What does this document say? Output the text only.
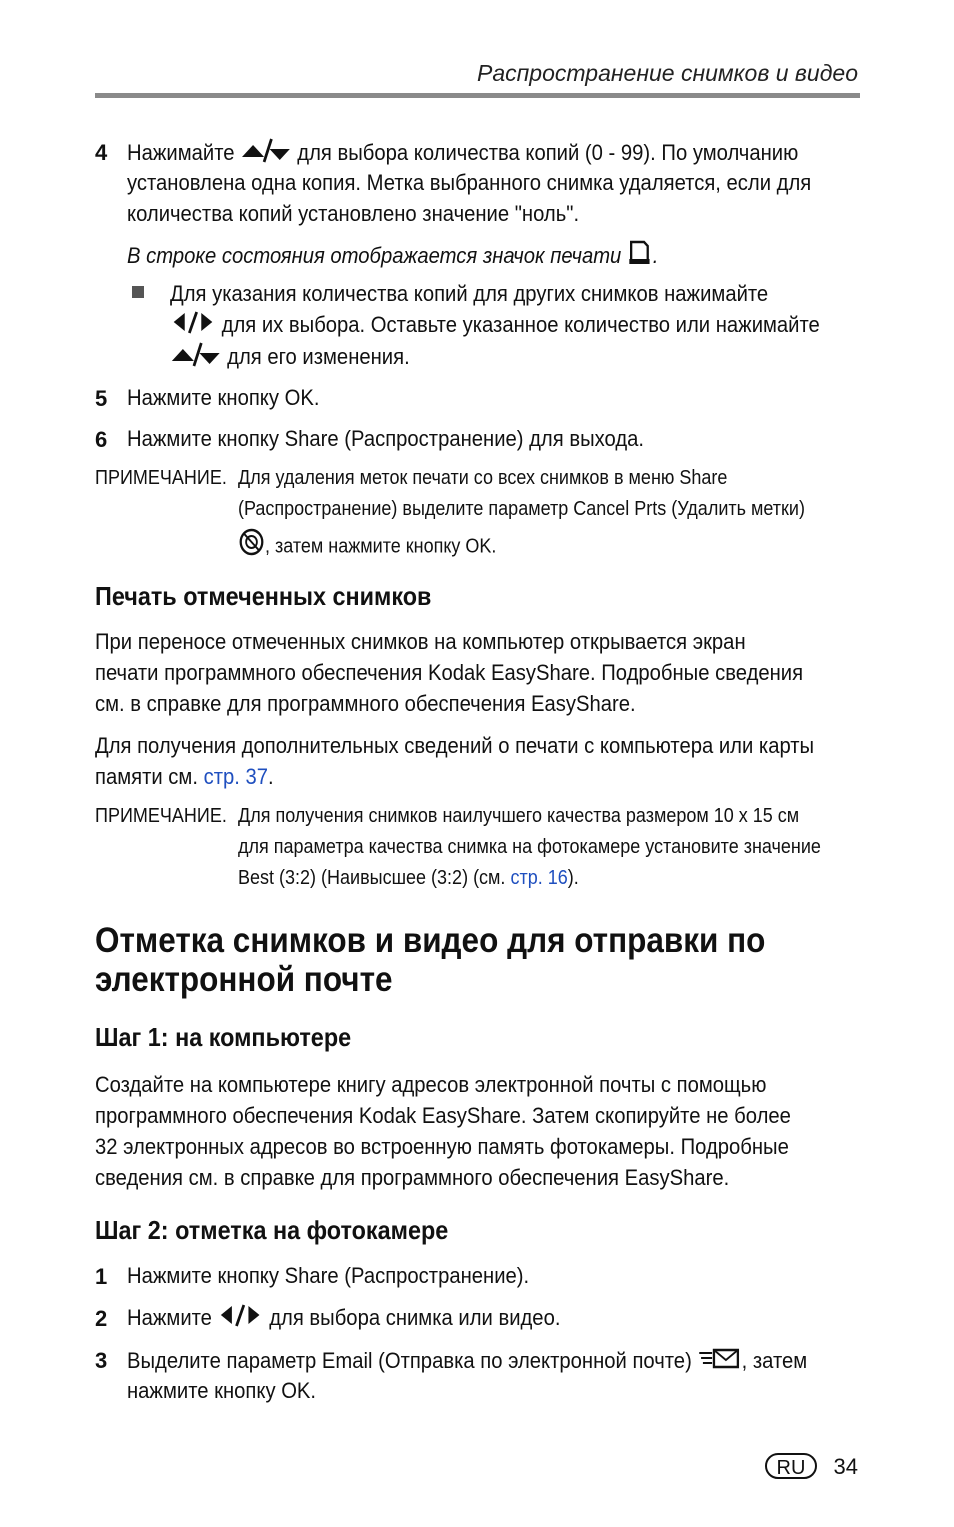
Распространение снимков и видео
4 Нажимайте	для выбора количества копий (0 - 99). По умолчанию
установлена одна копия. Метка выбранного снимка удаляется, если для
количества копий установлено значение "ноль".
В строке состояния отображается значок печати .
Для указания количества копий для других снимков нажимайте
для их выбора. Оставьте указанное количество или нажимайте
для его изменения.
5 Нажмите кнопку OK.
6 Нажмите кнопку Share (Распространение) для выхода.
ПРИМЕЧАНИЕ. Для удаления меток печати со всех снимков в меню Share
(Распространение) выделите параметр Cancel Prts (Удалить метки)
, затем нажмите кнопку OK.
Печать отмеченных снимков
При переносе отмеченных снимков на компьютер открывается экран
печати программного обеспечения Kodak EasyShare. Подробные сведения
см. в справке для программного обеспечения EasyShare.
Для получения дополнительных сведений о печати с компьютера или карты
памяти см. стр. 37.
ПРИМЕЧАНИЕ. Для получения снимков наилучшего качества размером 10 x 15 см
для параметра качества снимка на фотокамере установите значение
Best (3:2) (Наивысшее (3:2) (см. стр. 16).
Отметка снимков и видео для отправки по
электронной почте
Шаг 1: на компьютере
Создайте на компьютере книгу адресов электронной почты с помощью
программного обеспечения Kodak EasyShare. Затем скопируйте не более
32 электронных адресов во встроенную память фотокамеры. Подробные
сведения см. в справке для программного обеспечения EasyShare.
Шаг 2: отметка на фотокамере
1 Нажмите кнопку Share (Распространение).
2 Нажмите	для выбора снимка или видео.
3 Выделите параметр Email (Отправка по электронной почте) , затем
нажмите кнопку OK.
RU	34
